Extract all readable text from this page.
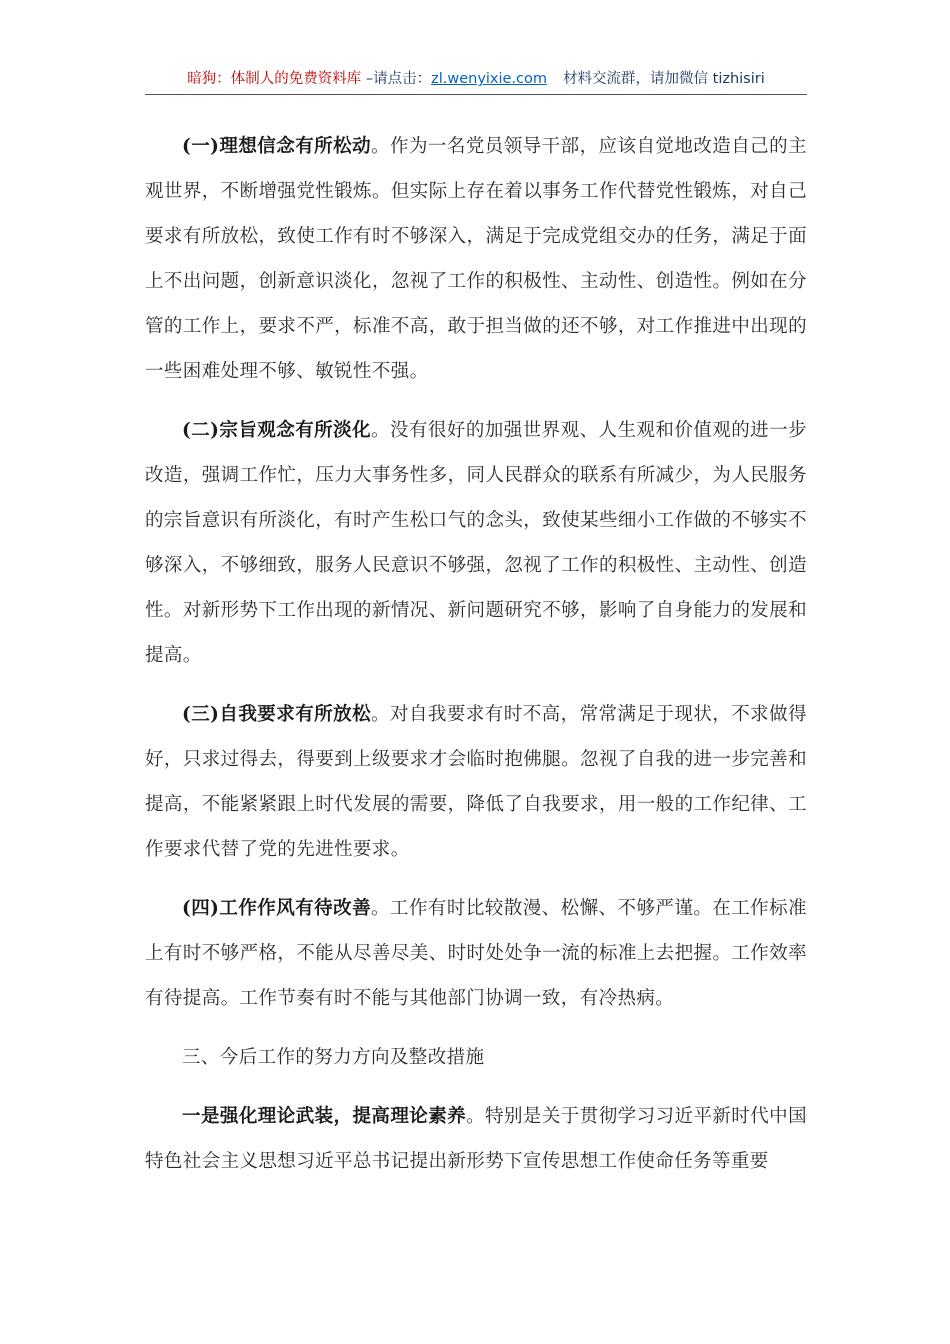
暗狗：体制人的免费资料库 –请点击：zl.wenyixie.com 材料交流群，请加微信 tizhisiri

(一)理想信念有所松动。作为一名党员领导干部，应该自觉地改造自己的主观世界，不断增强党性锻炼。但实际上存在着以事务工作代替党性锻炼，对自己要求有所放松，致使工作有时不够深入，满足于完成党组交办的任务，满足于面上不出问题，创新意识淡化，忽视了工作的积极性、主动性、创造性。例如在分管的工作上，要求不严，标准不高，敢于担当做的还不够，对工作推进中出现的一些困难处理不够、敏锐性不强。

(二)宗旨观念有所淡化。没有很好的加强世界观、人生观和价值观的进一步改造，强调工作忙，压力大事务性多，同人民群众的联系有所减少，为人民服务的宗旨意识有所淡化，有时产生松口气的念头，致使某些细小工作做的不够实不够深入，不够细致，服务人民意识不够强，忽视了工作的积极性、主动性、创造性。对新形势下工作出现的新情况、新问题研究不够，影响了自身能力的发展和提高。

(三)自我要求有所放松。对自我要求有时不高，常常满足于现状，不求做得好，只求过得去，得要到上级要求才会临时抱佛腿。忽视了自我的进一步完善和提高，不能紧紧跟上时代发展的需要，降低了自我要求，用一般的工作纪律、工作要求代替了党的先进性要求。

(四)工作作风有待改善。工作有时比较散漫、松懈、不够严谨。在工作标准上有时不够严格，不能从尽善尽美、时时处处争一流的标准上去把握。工作效率有待提高。工作节奏有时不能与其他部门协调一致，有冷热病。

三、今后工作的努力方向及整改措施

一是强化理论武装，提高理论素养。特别是关于贯彻学习习近平新时代中国特色社会主义思想习近平总书记提出新形势下宣传思想工作使命任务等重要
